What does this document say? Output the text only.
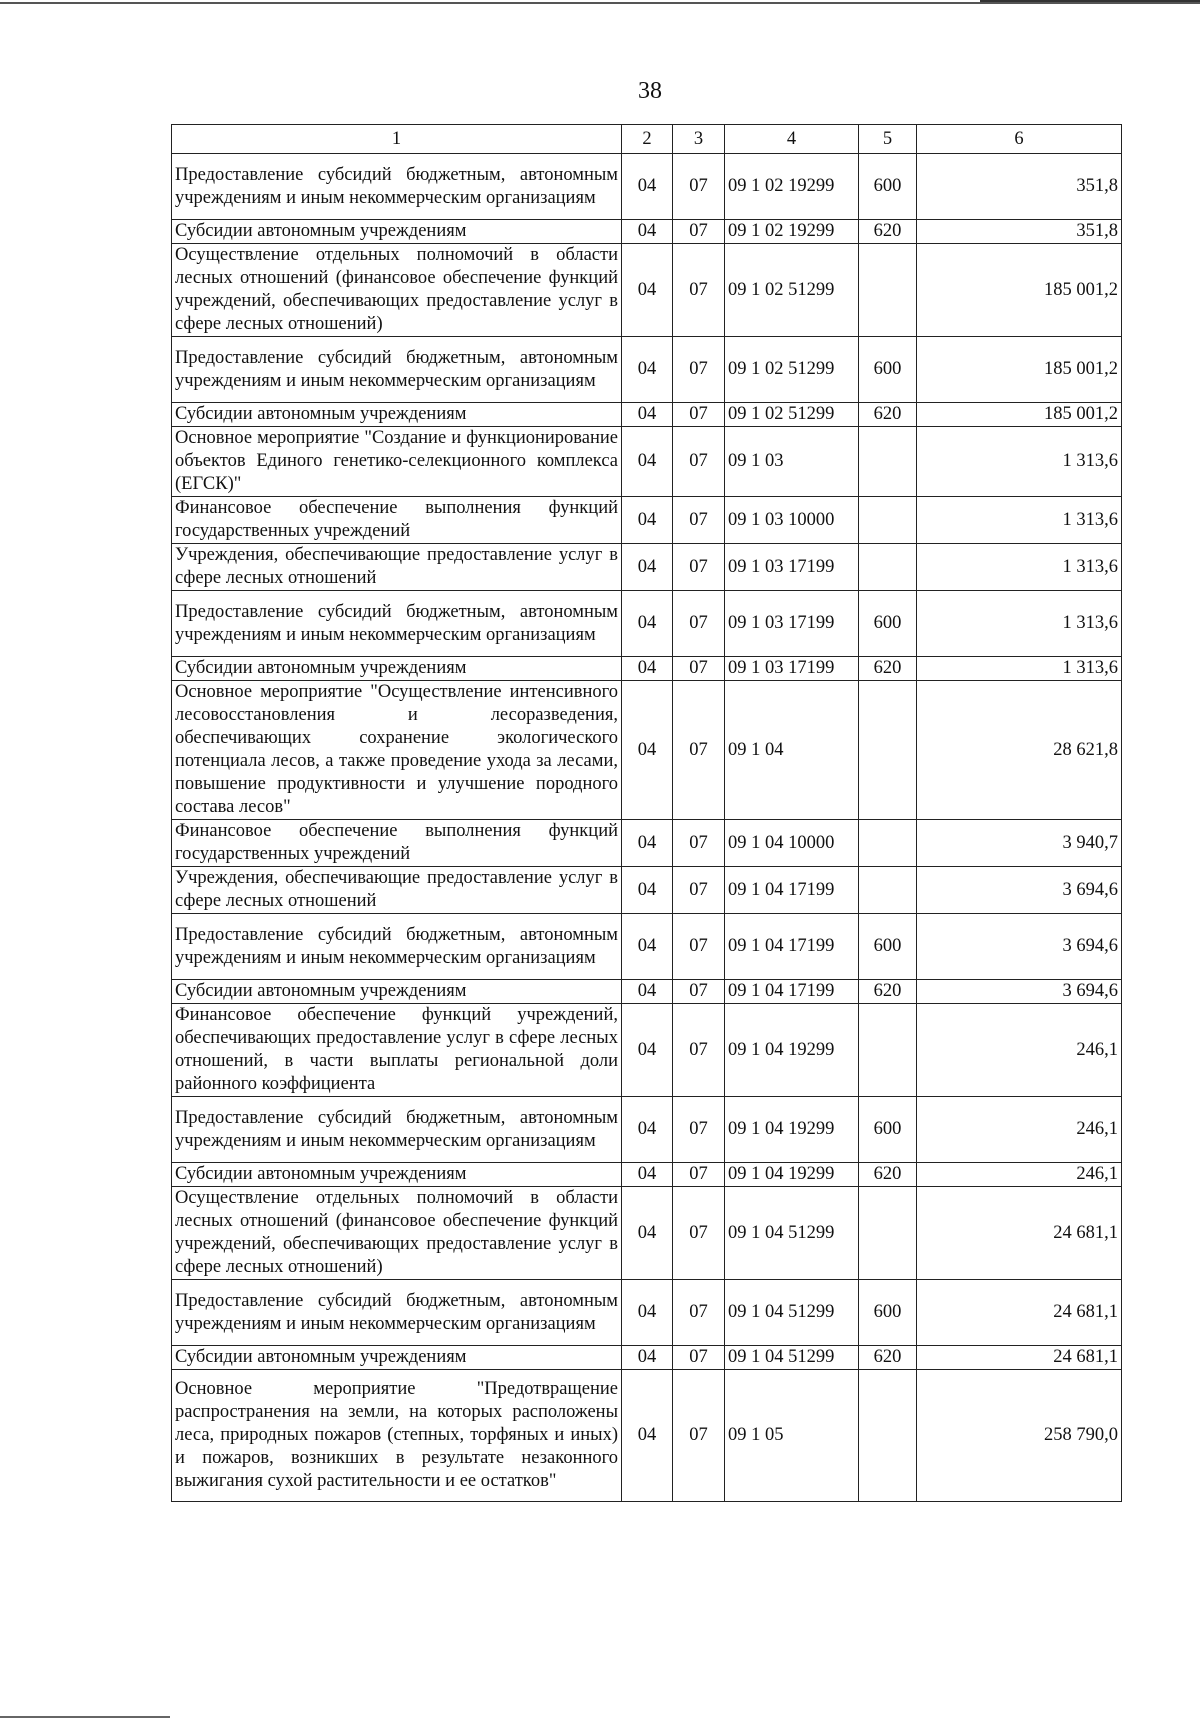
38
1	2	3	4	5	6
Предоставление субсидий бюджетным, автономным учреждениям и иным некоммерческим организациям	04	07	09 1 02 19299	600	351,8
Субсидии автономным учреждениям	04	07	09 1 02 19299	620	351,8
Осуществление отдельных полномочий в области лесных отношений (финансовое обеспечение функций учреждений, обеспечивающих предоставление услуг в сфере лесных отношений)	04	07	09 1 02 51299		185 001,2
Предоставление субсидий бюджетным, автономным учреждениям и иным некоммерческим организациям	04	07	09 1 02 51299	600	185 001,2
Субсидии автономным учреждениям	04	07	09 1 02 51299	620	185 001,2
Основное мероприятие "Создание и функционирование объектов Единого генетико-селекционного комплекса (ЕГСК)"	04	07	09 1 03		1 313,6
Финансовое обеспечение выполнения функций государственных учреждений	04	07	09 1 03 10000		1 313,6
Учреждения, обеспечивающие предоставление услуг в сфере лесных отношений	04	07	09 1 03 17199		1 313,6
Предоставление субсидий бюджетным, автономным учреждениям и иным некоммерческим организациям	04	07	09 1 03 17199	600	1 313,6
Субсидии автономным учреждениям	04	07	09 1 03 17199	620	1 313,6
Основное мероприятие "Осуществление интенсивного лесовосстановления и лесоразведения, обеспечивающих сохранение экологического потенциала лесов, а также проведение ухода за лесами, повышение продуктивности и улучшение породного состава лесов"	04	07	09 1 04		28 621,8
Финансовое обеспечение выполнения функций государственных учреждений	04	07	09 1 04 10000		3 940,7
Учреждения, обеспечивающие предоставление услуг в сфере лесных отношений	04	07	09 1 04 17199		3 694,6
Предоставление субсидий бюджетным, автономным учреждениям и иным некоммерческим организациям	04	07	09 1 04 17199	600	3 694,6
Субсидии автономным учреждениям	04	07	09 1 04 17199	620	3 694,6
Финансовое обеспечение функций учреждений, обеспечивающих предоставление услуг в сфере лесных отношений, в части выплаты региональной доли районного коэффициента	04	07	09 1 04 19299		246,1
Предоставление субсидий бюджетным, автономным учреждениям и иным некоммерческим организациям	04	07	09 1 04 19299	600	246,1
Субсидии автономным учреждениям	04	07	09 1 04 19299	620	246,1
Осуществление отдельных полномочий в области лесных отношений (финансовое обеспечение функций учреждений, обеспечивающих предоставление услуг в сфере лесных отношений)	04	07	09 1 04 51299		24 681,1
Предоставление субсидий бюджетным, автономным учреждениям и иным некоммерческим организациям	04	07	09 1 04 51299	600	24 681,1
Субсидии автономным учреждениям	04	07	09 1 04 51299	620	24 681,1
Основное мероприятие "Предотвращение распространения на земли, на которых расположены леса, природных пожаров (степных, торфяных и иных) и пожаров, возникших в результате незаконного выжигания сухой растительности и ее остатков"	04	07	09 1 05		258 790,0
